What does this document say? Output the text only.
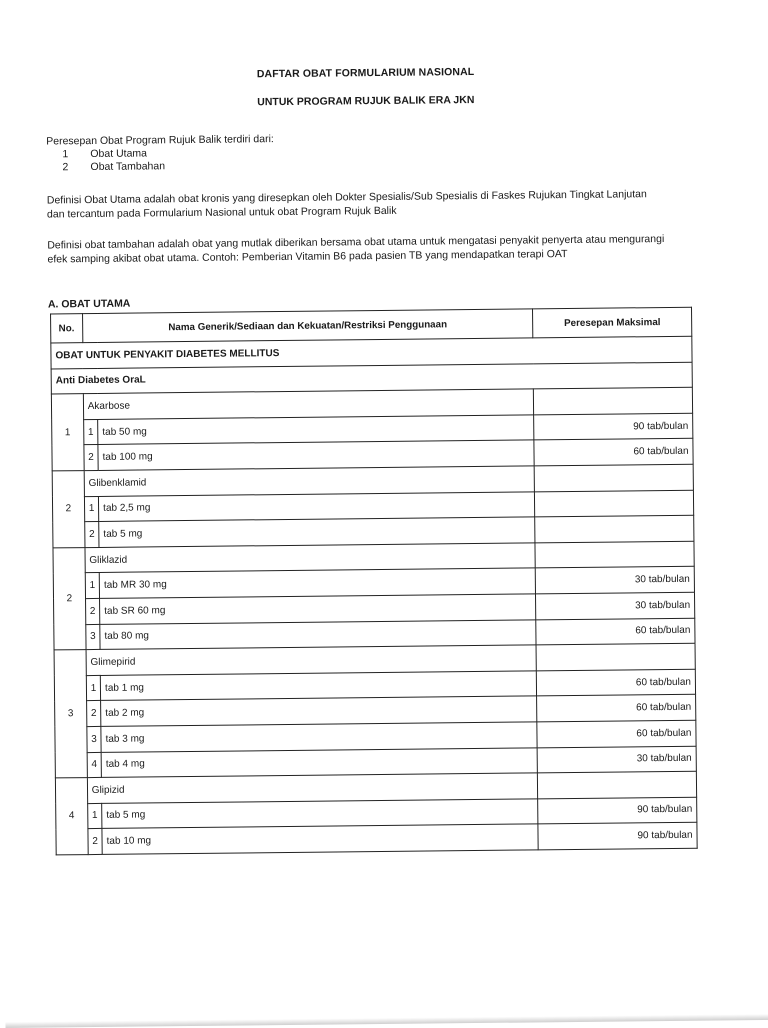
DAFTAR OBAT FORMULARIUM NASIONAL
UNTUK PROGRAM RUJUK BALIK ERA JKN
Peresepan Obat Program Rujuk Balik terdiri dari:
1	Obat Utama
2	Obat Tambahan
Definisi Obat Utama adalah obat kronis yang diresepkan oleh Dokter Spesialis/Sub Spesialis di Faskes Rujukan Tingkat Lanjutan
dan tercantum pada Formularium Nasional untuk obat Program Rujuk Balik
Definisi obat tambahan adalah obat yang mutlak diberikan bersama obat utama untuk mengatasi penyakit penyerta atau mengurangi
efek samping akibat obat utama. Contoh: Pemberian Vitamin B6 pada pasien TB yang mendapatkan terapi OAT
A. OBAT UTAMA
No.	Nama Generik/Sediaan dan Kekuatan/Restriksi Penggunaan		Peresepan Maksimal
OBAT UNTUK PENYAKIT DIABETES MELLITUS			
Anti Diabetes OraL			
1	Akarbose		
	1	tab 50 mg	90 tab/bulan
	2	tab 100 mg	60 tab/bulan
2	Glibenklamid		
	1	tab 2,5 mg	
	2	tab 5 mg	
2	Gliklazid		
	1	tab MR 30 mg	30 tab/bulan
	2	tab SR 60 mg	30 tab/bulan
	3	tab 80 mg	60 tab/bulan
3	Glimepirid		
	1	tab 1 mg	60 tab/bulan
	2	tab 2 mg	60 tab/bulan
	3	tab 3 mg	60 tab/bulan
	4	tab 4 mg	30 tab/bulan
4	Glipizid		
	1	tab 5 mg	90 tab/bulan
	2	tab 10 mg	90 tab/bulan
